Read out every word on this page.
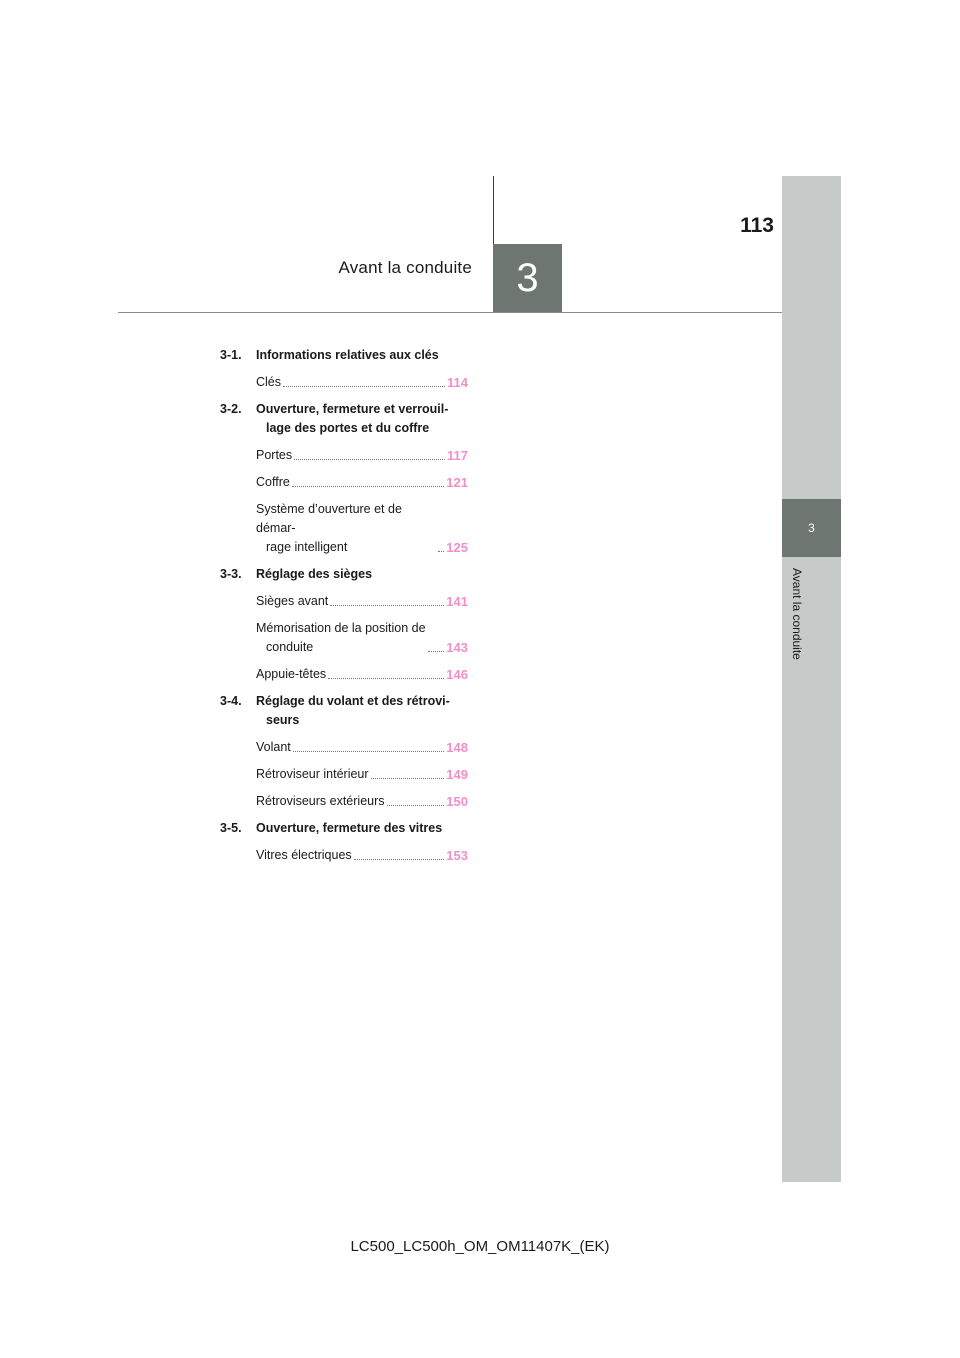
113
Avant la conduite	3
3
Avant la conduite
3-1.	Informations relatives aux clés
Clés	114
3-2.	Ouverture, fermeture et verrouil-
lage des portes et du coffre
Portes	117
Coffre	121
Système d’ouverture et de démar-
rage intelligent	125
3-3.	Réglage des sièges
Sièges avant	141
Mémorisation de la position de
conduite	143
Appuie-têtes	146
3-4.	Réglage du volant et des rétrovi-
seurs
Volant	148
Rétroviseur intérieur	149
Rétroviseurs extérieurs	150
3-5.	Ouverture, fermeture des vitres
Vitres électriques	153
LC500_LC500h_OM_OM11407K_(EK)
